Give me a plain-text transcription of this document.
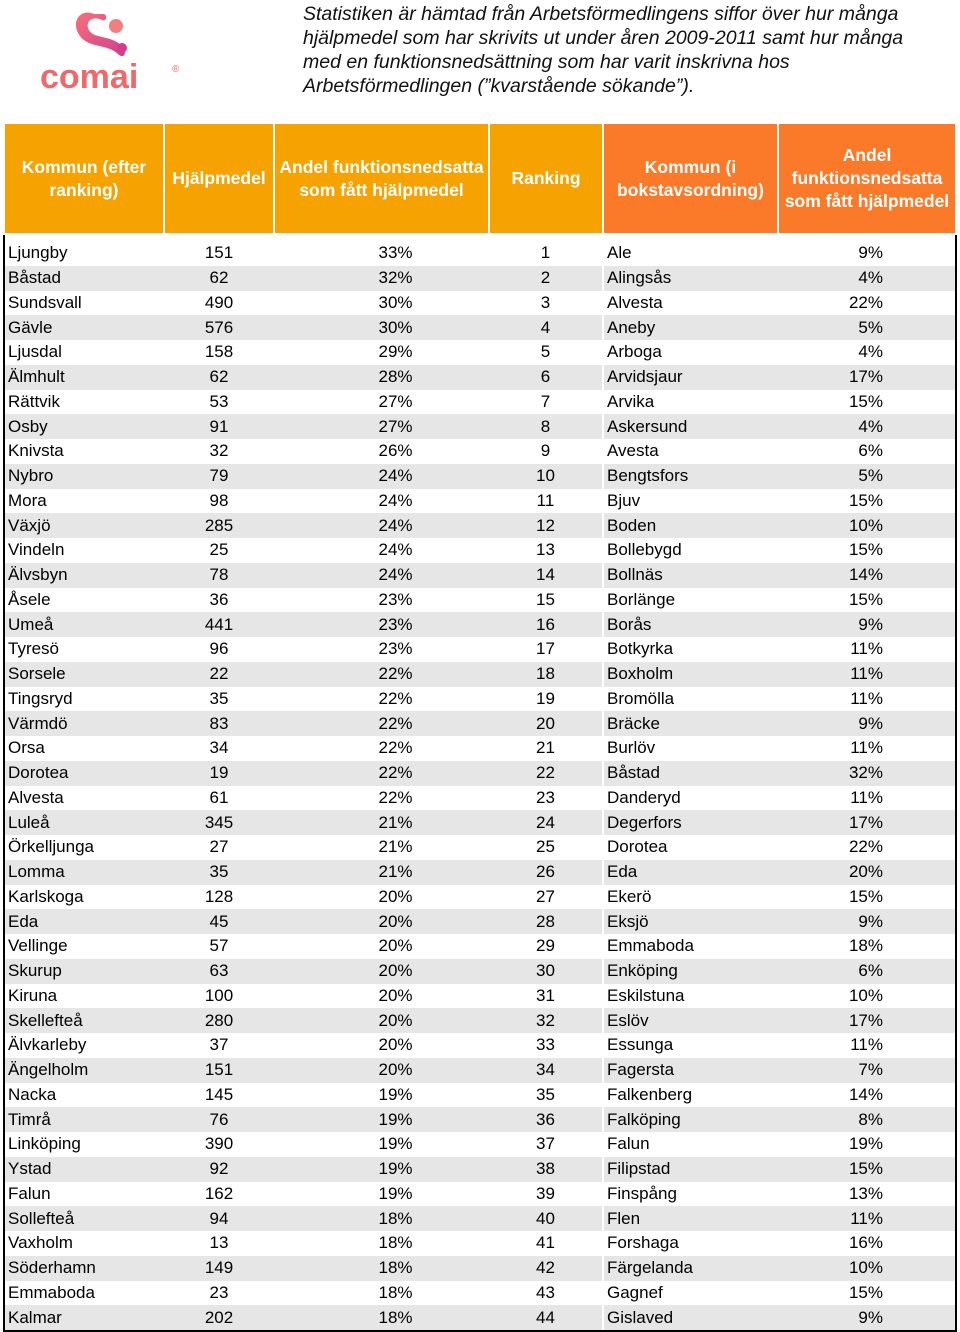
comai	®
Statistiken är hämtad från Arbetsförmedlingens siffor över hur många hjälpmedel som har skrivits ut under åren 2009-2011 samt hur många med en funktionsnedsättning som har varit inskrivna hos Arbetsförmedlingen (”kvarstående sökande”).
Kommun (efter ranking)	Hjälpmedel	Andel funktionsnedsatta som fått hjälpmedel	Ranking	Kommun (i bokstavsordning)	Andel funktionsnedsatta som fått hjälpmedel
Ljungby	151	33%	1	Ale	9%
Båstad	62	32%	2	Alingsås	4%
Sundsvall	490	30%	3	Alvesta	22%
Gävle	576	30%	4	Aneby	5%
Ljusdal	158	29%	5	Arboga	4%
Älmhult	62	28%	6	Arvidsjaur	17%
Rättvik	53	27%	7	Arvika	15%
Osby	91	27%	8	Askersund	4%
Knivsta	32	26%	9	Avesta	6%
Nybro	79	24%	10	Bengtsfors	5%
Mora	98	24%	11	Bjuv	15%
Växjö	285	24%	12	Boden	10%
Vindeln	25	24%	13	Bollebygd	15%
Älvsbyn	78	24%	14	Bollnäs	14%
Åsele	36	23%	15	Borlänge	15%
Umeå	441	23%	16	Borås	9%
Tyresö	96	23%	17	Botkyrka	11%
Sorsele	22	22%	18	Boxholm	11%
Tingsryd	35	22%	19	Bromölla	11%
Värmdö	83	22%	20	Bräcke	9%
Orsa	34	22%	21	Burlöv	11%
Dorotea	19	22%	22	Båstad	32%
Alvesta	61	22%	23	Danderyd	11%
Luleå	345	21%	24	Degerfors	17%
Örkelljunga	27	21%	25	Dorotea	22%
Lomma	35	21%	26	Eda	20%
Karlskoga	128	20%	27	Ekerö	15%
Eda	45	20%	28	Eksjö	9%
Vellinge	57	20%	29	Emmaboda	18%
Skurup	63	20%	30	Enköping	6%
Kiruna	100	20%	31	Eskilstuna	10%
Skellefteå	280	20%	32	Eslöv	17%
Älvkarleby	37	20%	33	Essunga	11%
Ängelholm	151	20%	34	Fagersta	7%
Nacka	145	19%	35	Falkenberg	14%
Timrå	76	19%	36	Falköping	8%
Linköping	390	19%	37	Falun	19%
Ystad	92	19%	38	Filipstad	15%
Falun	162	19%	39	Finspång	13%
Sollefteå	94	18%	40	Flen	11%
Vaxholm	13	18%	41	Forshaga	16%
Söderhamn	149	18%	42	Färgelanda	10%
Emmaboda	23	18%	43	Gagnef	15%
Kalmar	202	18%	44	Gislaved	9%
